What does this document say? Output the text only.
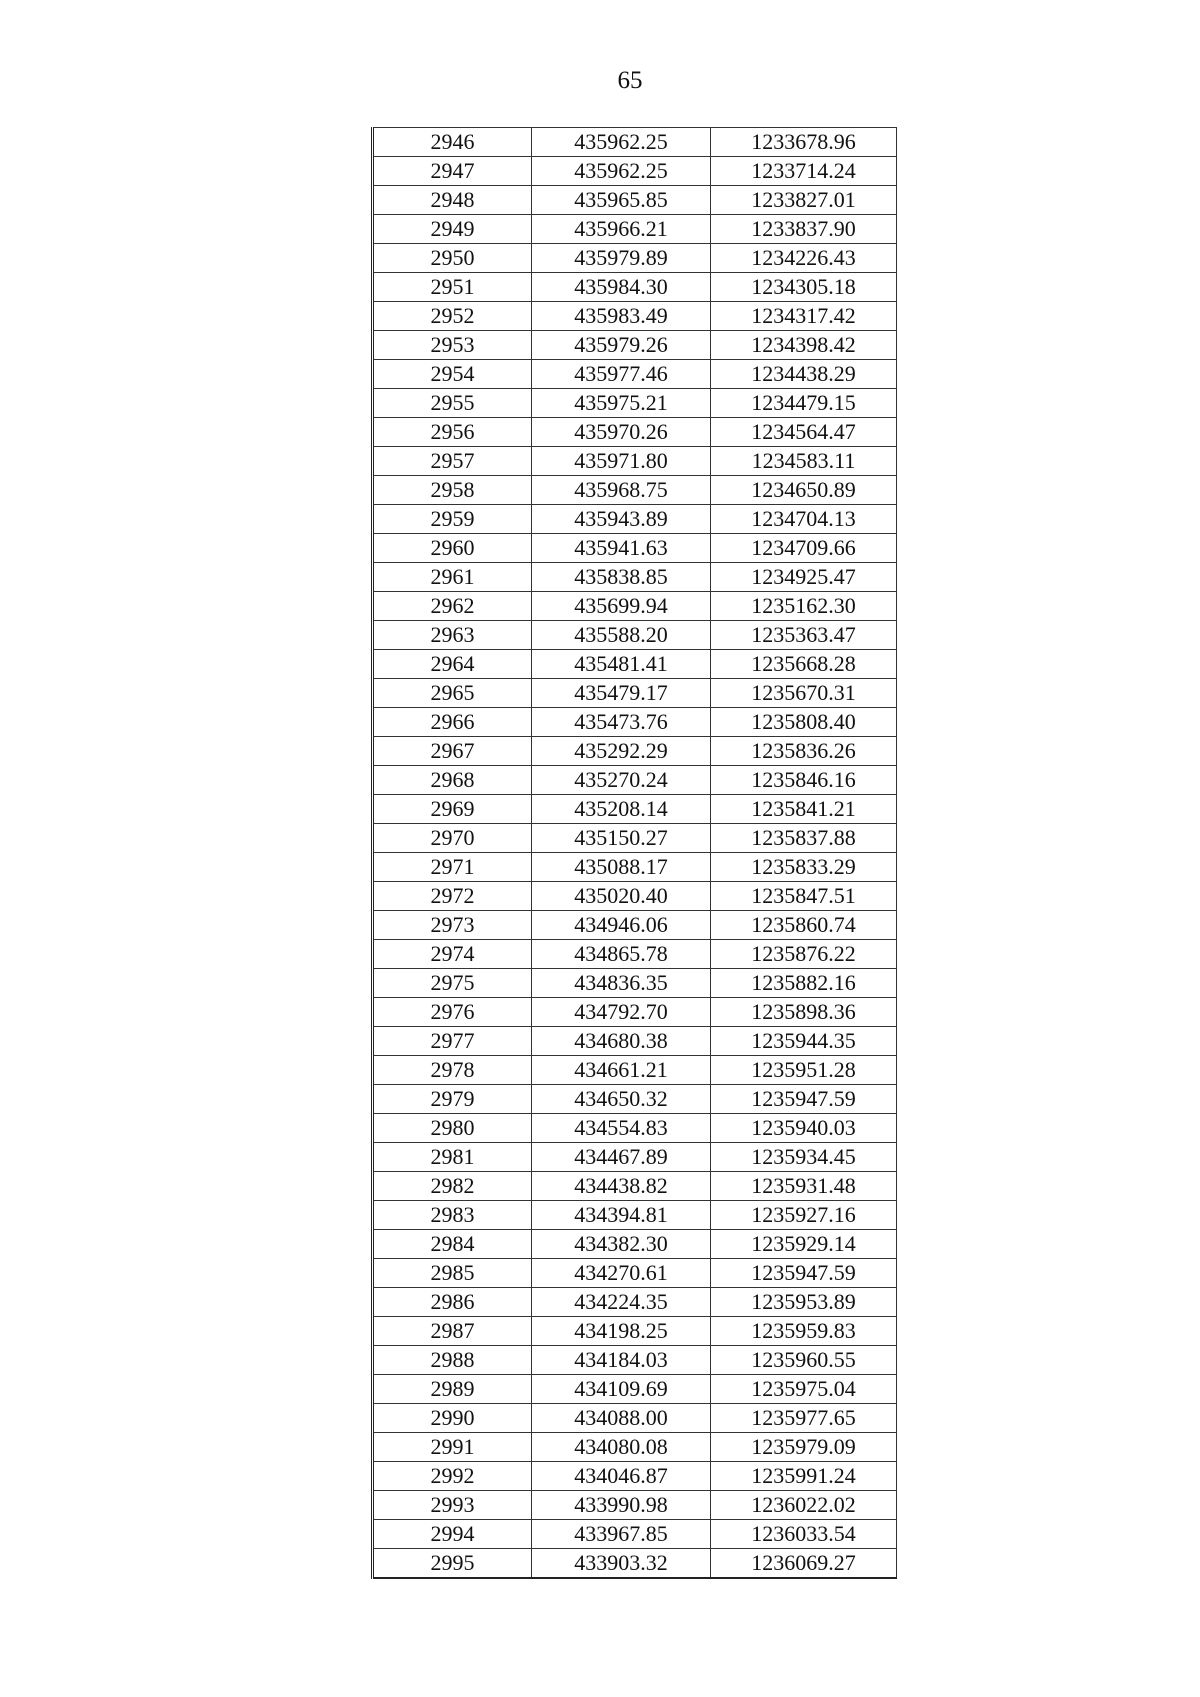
65
2946	435962.25	1233678.96
2947	435962.25	1233714.24
2948	435965.85	1233827.01
2949	435966.21	1233837.90
2950	435979.89	1234226.43
2951	435984.30	1234305.18
2952	435983.49	1234317.42
2953	435979.26	1234398.42
2954	435977.46	1234438.29
2955	435975.21	1234479.15
2956	435970.26	1234564.47
2957	435971.80	1234583.11
2958	435968.75	1234650.89
2959	435943.89	1234704.13
2960	435941.63	1234709.66
2961	435838.85	1234925.47
2962	435699.94	1235162.30
2963	435588.20	1235363.47
2964	435481.41	1235668.28
2965	435479.17	1235670.31
2966	435473.76	1235808.40
2967	435292.29	1235836.26
2968	435270.24	1235846.16
2969	435208.14	1235841.21
2970	435150.27	1235837.88
2971	435088.17	1235833.29
2972	435020.40	1235847.51
2973	434946.06	1235860.74
2974	434865.78	1235876.22
2975	434836.35	1235882.16
2976	434792.70	1235898.36
2977	434680.38	1235944.35
2978	434661.21	1235951.28
2979	434650.32	1235947.59
2980	434554.83	1235940.03
2981	434467.89	1235934.45
2982	434438.82	1235931.48
2983	434394.81	1235927.16
2984	434382.30	1235929.14
2985	434270.61	1235947.59
2986	434224.35	1235953.89
2987	434198.25	1235959.83
2988	434184.03	1235960.55
2989	434109.69	1235975.04
2990	434088.00	1235977.65
2991	434080.08	1235979.09
2992	434046.87	1235991.24
2993	433990.98	1236022.02
2994	433967.85	1236033.54
2995	433903.32	1236069.27
